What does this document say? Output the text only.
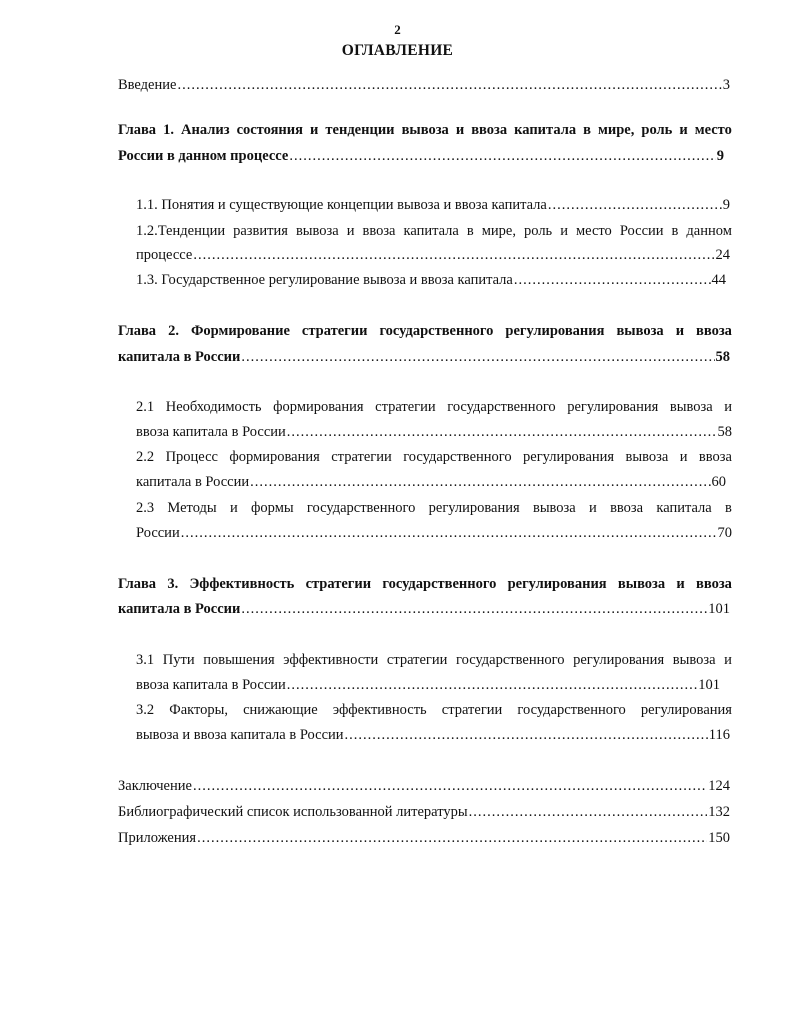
2
ОГЛАВЛЕНИЕ
Введение .....	3
Глава 1. Анализ состояния и тенденции вывоза и ввоза капитала в мире, роль и место
России в данном процессе .....	9
1.1. Понятия и существующие концепции вывоза и ввоза капитала .....	9
1.2.Тенденции развития вывоза и ввоза капитала в мире, роль и место России в данном
процессе .....	24
1.3. Государственное регулирование вывоза и ввоза капитала .....	44
Глава 2. Формирование стратегии государственного регулирования вывоза и ввоза
капитала в России .....	58
2.1 Необходимость формирования стратегии государственного регулирования вывоза и
ввоза капитала в России .....	58
2.2 Процесс формирования стратегии государственного регулирования вывоза и ввоза
капитала в России .....	60
2.3 Методы и формы государственного регулирования вывоза и ввоза капитала в
России .....	70
Глава 3. Эффективность стратегии государственного регулирования вывоза и ввоза
капитала в России .....	101
3.1 Пути повышения эффективности стратегии государственного регулирования вывоза и
ввоза капитала в России .....	101
3.2 Факторы, снижающие эффективность стратегии государственного регулирования
вывоза и ввоза капитала в России .....	116
Заключение .....	124
Библиографический список использованной литературы .....	132
Приложения .....	150
